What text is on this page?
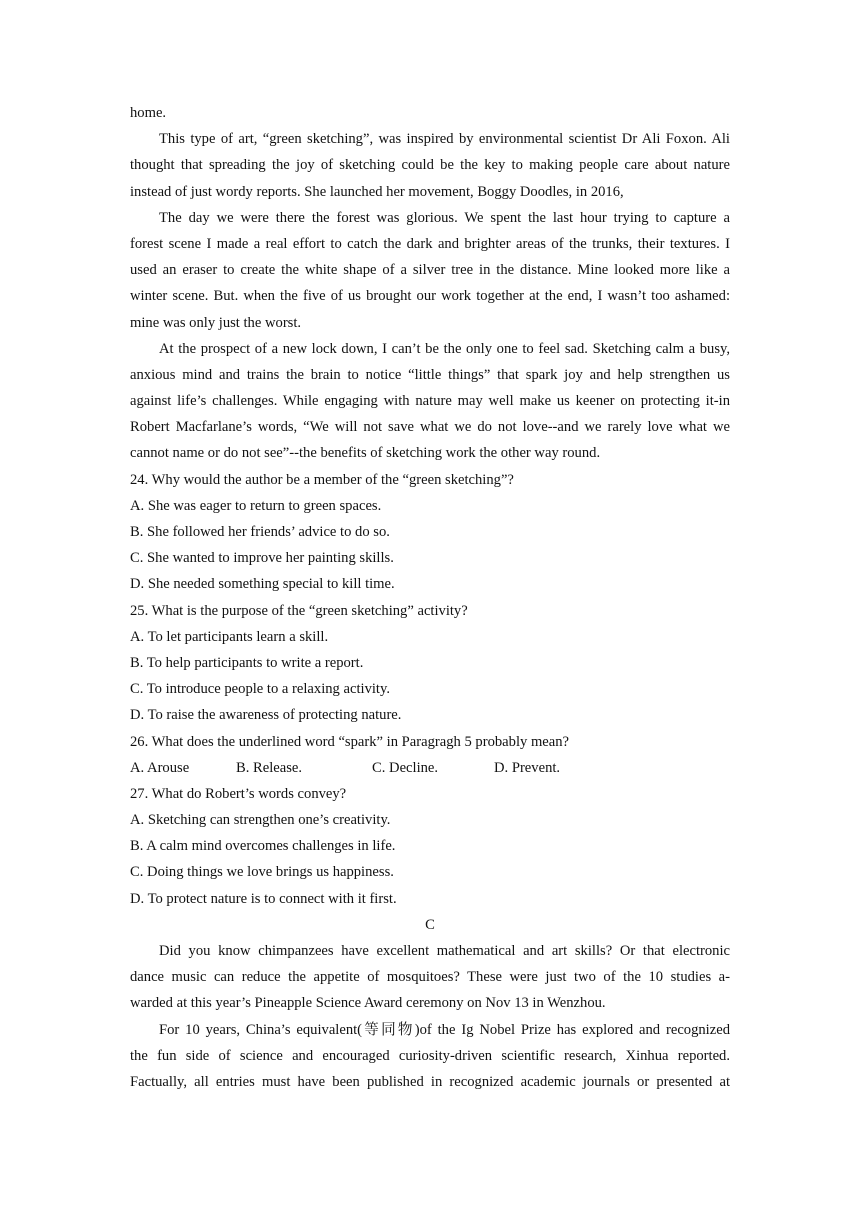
home.
This type of art, “green sketching”, was inspired by environmental scientist Dr Ali Foxon. Ali
thought that spreading the joy of sketching could be the key to making people care about nature
instead of just wordy reports. She launched her movement, Boggy Doodles, in 2016,
The day we were there the forest was glorious. We spent the last hour trying to capture a
forest scene I made a real effort to catch the dark and brighter areas of the trunks, their textures. I
used an eraser to create the white shape of a silver tree in the distance. Mine looked more like a
winter scene. But. when the five of us brought our work together at the end, I wasn’t too ashamed:
mine was only just the worst.
At the prospect of a new lock down, I can’t be the only one to feel sad. Sketching calm a busy,
anxious mind and trains the brain to notice “little things” that spark joy and help strengthen us
against life’s challenges. While engaging with nature may well make us keener on protecting it-in
Robert Macfarlane’s words, “We will not save what we do not love--and we rarely love what we
cannot name or do not see”--the benefits of sketching work the other way round.
24. Why would the author be a member of the “green sketching”?
A. She was eager to return to green spaces.
B. She followed her friends’ advice to do so.
C. She wanted to improve her painting skills.
D. She needed something special to kill time.
25. What is the purpose of the “green sketching” activity?
A. To let participants learn a skill.
B. To help participants to write a report.
C. To introduce people to a relaxing activity.
D. To raise the awareness of protecting nature.
26. What does the underlined word “spark” in Paragragh 5 probably mean?
A. Arouse	B. Release.	C. Decline.	D. Prevent.
27. What do Robert’s words convey?
A. Sketching can strengthen one’s creativity.
B. A calm mind overcomes challenges in life.
C. Doing things we love brings us happiness.
D. To protect nature is to connect with it first.
C
Did you know chimpanzees have excellent mathematical and art skills? Or that electronic
dance music can reduce the appetite of mosquitoes? These were just two of the 10 studies a-
warded at this year’s Pineapple Science Award ceremony on Nov 13 in Wenzhou.
For 10 years, China’s equivalent(等同物)of the Ig Nobel Prize has explored and recognized
the fun side of science and encouraged curiosity-driven scientific research, Xinhua reported.
Factually, all entries must have been published in recognized academic journals or presented at
